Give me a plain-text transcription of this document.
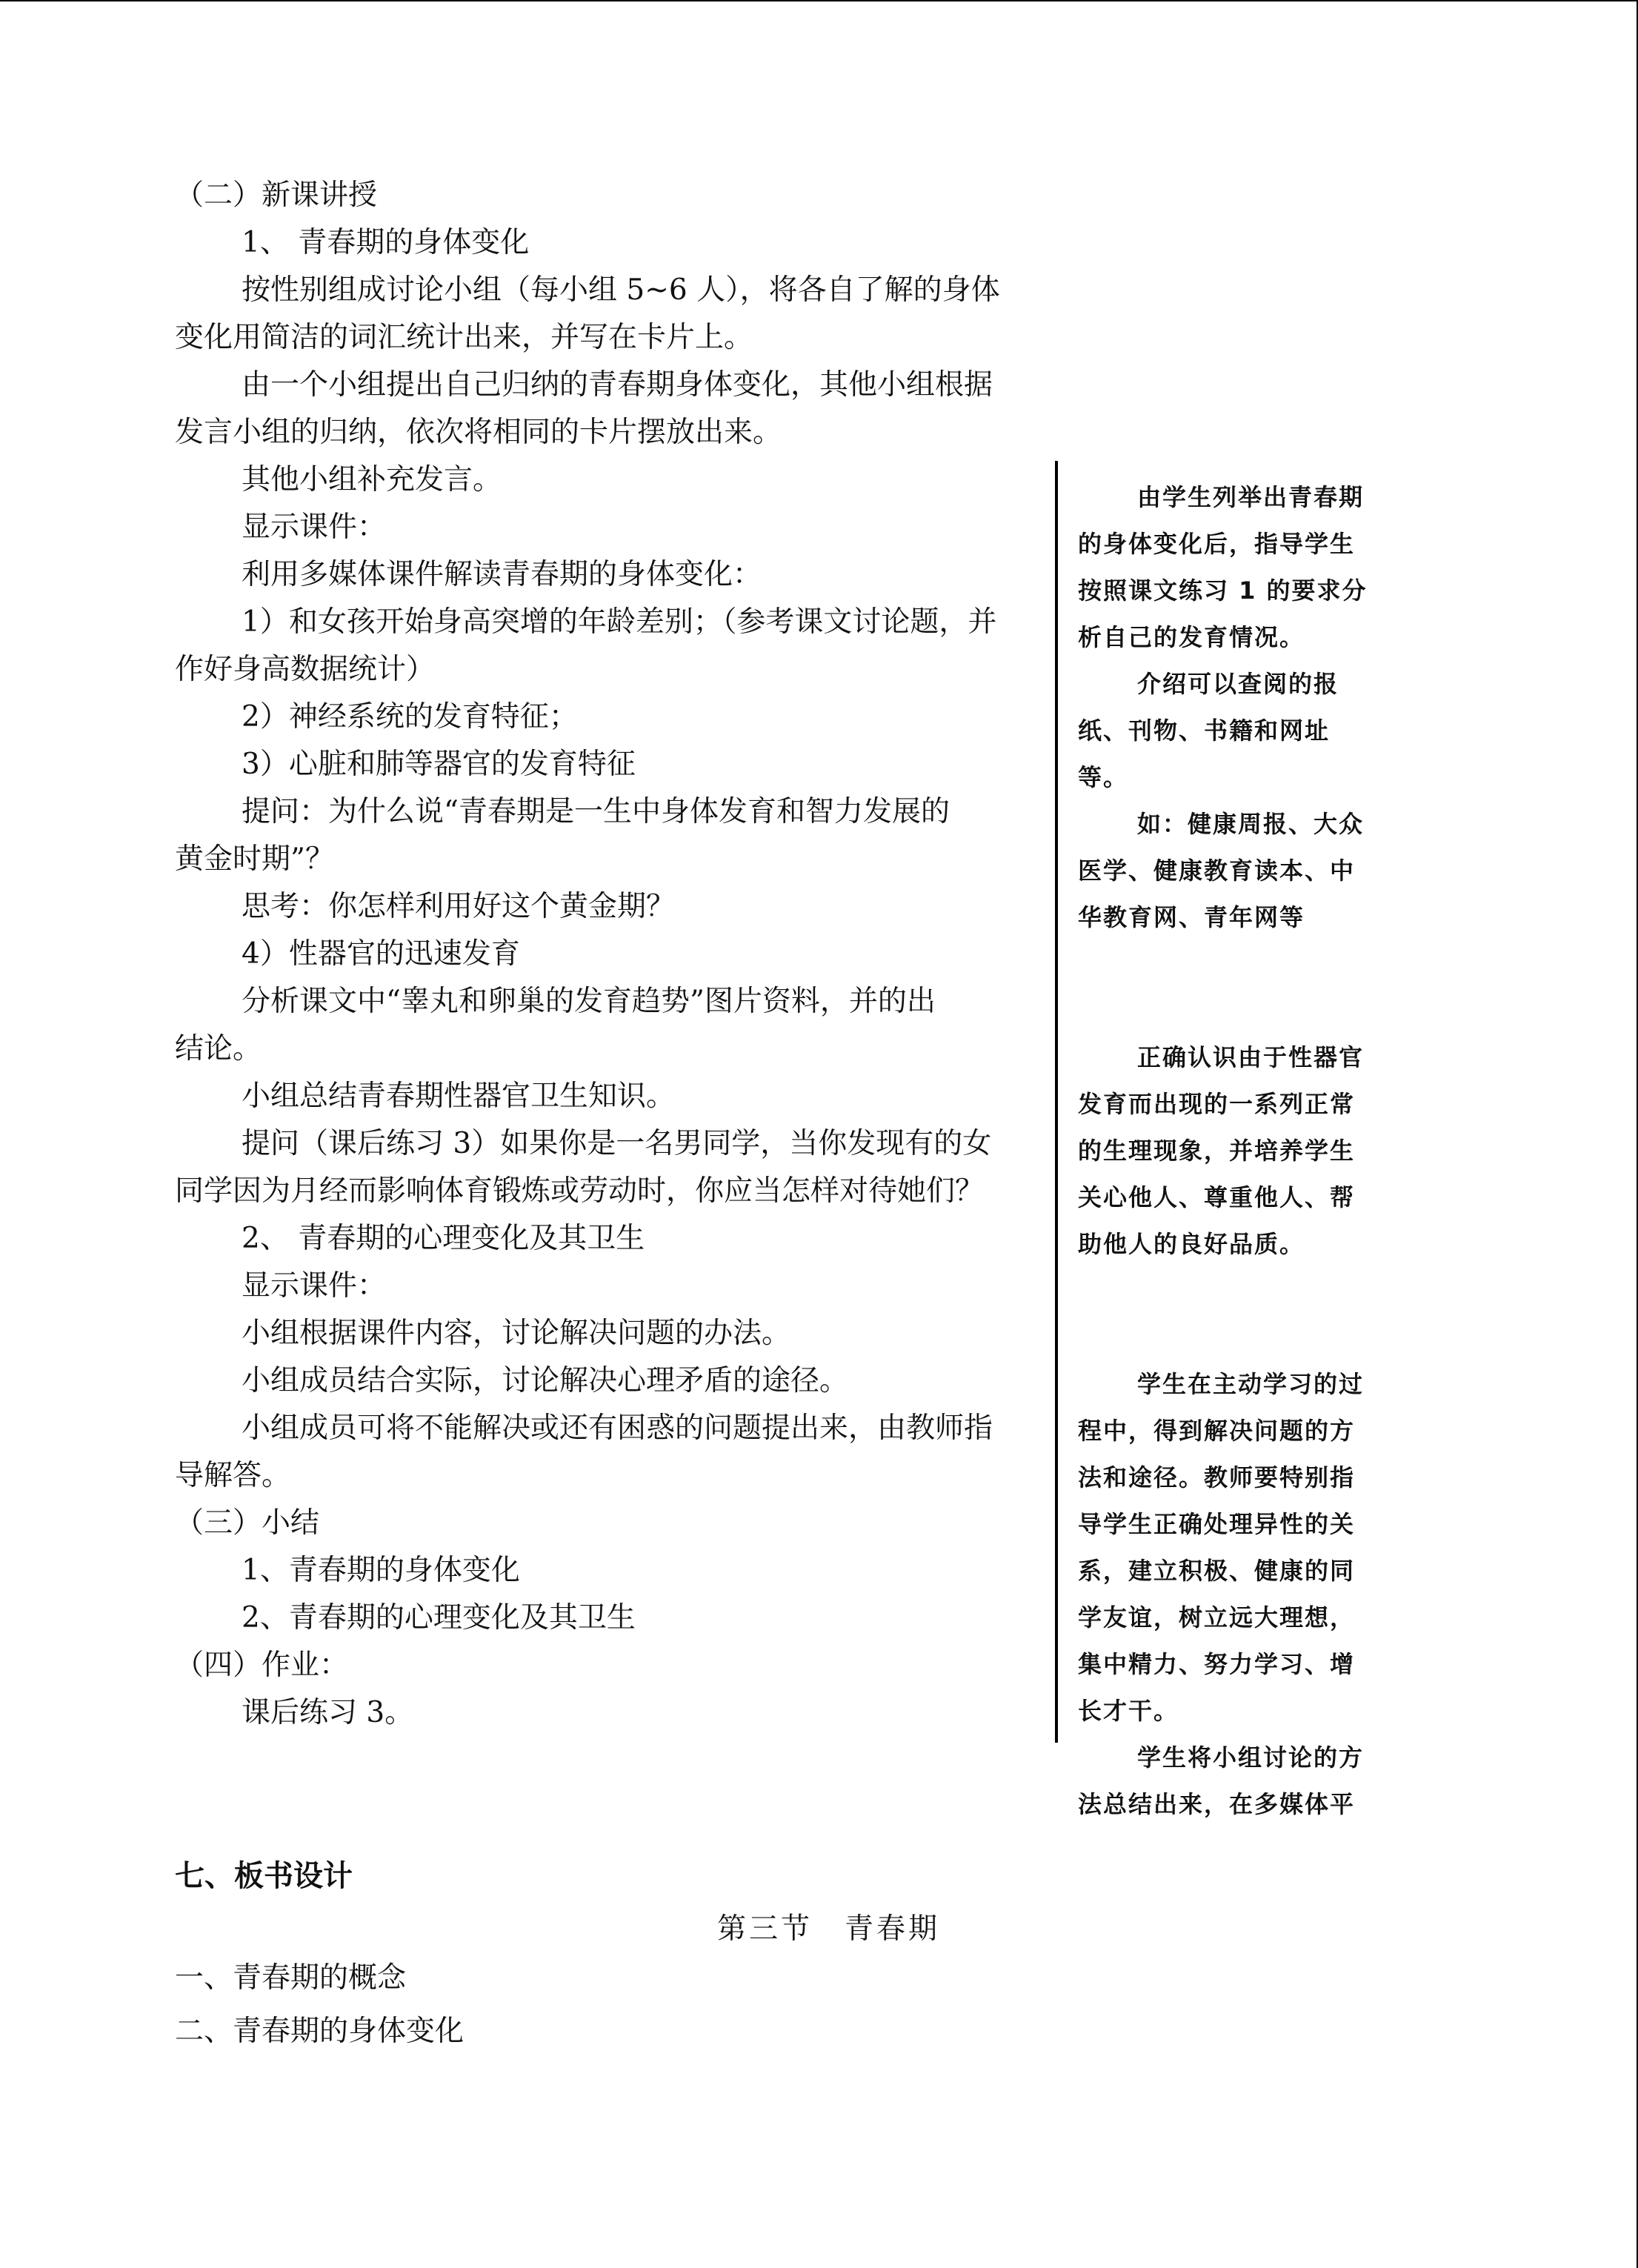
（二）新课讲授
1、 青春期的身体变化
按性别组成讨论小组（每小组 5~6 人），将各自了解的身体
变化用简洁的词汇统计出来，并写在卡片上。
由一个小组提出自己归纳的青春期身体变化，其他小组根据
发言小组的归纳，依次将相同的卡片摆放出来。
其他小组补充发言。
显示课件：
利用多媒体课件解读青春期的身体变化：
1）和女孩开始身高突增的年龄差别；（参考课文讨论题，并
作好身高数据统计）
2）神经系统的发育特征；
3）心脏和肺等器官的发育特征
提问：为什么说“青春期是一生中身体发育和智力发展的
黄金时期”？
思考：你怎样利用好这个黄金期？
4）性器官的迅速发育
分析课文中“睾丸和卵巢的发育趋势”图片资料，并的出
结论。
小组总结青春期性器官卫生知识。
提问（课后练习 3）如果你是一名男同学，当你发现有的女
同学因为月经而影响体育锻炼或劳动时，你应当怎样对待她们？
2、 青春期的心理变化及其卫生
显示课件：
小组根据课件内容，讨论解决问题的办法。
小组成员结合实际，讨论解决心理矛盾的途径。
小组成员可将不能解决或还有困惑的问题提出来，由教师指
导解答。
（三）小结
1、青春期的身体变化
2、青春期的心理变化及其卫生
（四）作业：
课后练习 3。
由学生列举出青春期
的身体变化后，指导学生
按照课文练习 1 的要求分
析自己的发育情况。
介绍可以查阅的报
纸、刊物、书籍和网址
等。
如：健康周报、大众
医学、健康教育读本、中
华教育网、青年网等
正确认识由于性器官
发育而出现的一系列正常
的生理现象，并培养学生
关心他人、尊重他人、帮
助他人的良好品质。
学生在主动学习的过
程中，得到解决问题的方
法和途径。教师要特别指
导学生正确处理异性的关
系，建立积极、健康的同
学友谊，树立远大理想，
集中精力、努力学习、增
长才干。
学生将小组讨论的方
法总结出来，在多媒体平
七、板书设计
第三节　青春期
一、青春期的概念
二、青春期的身体变化
